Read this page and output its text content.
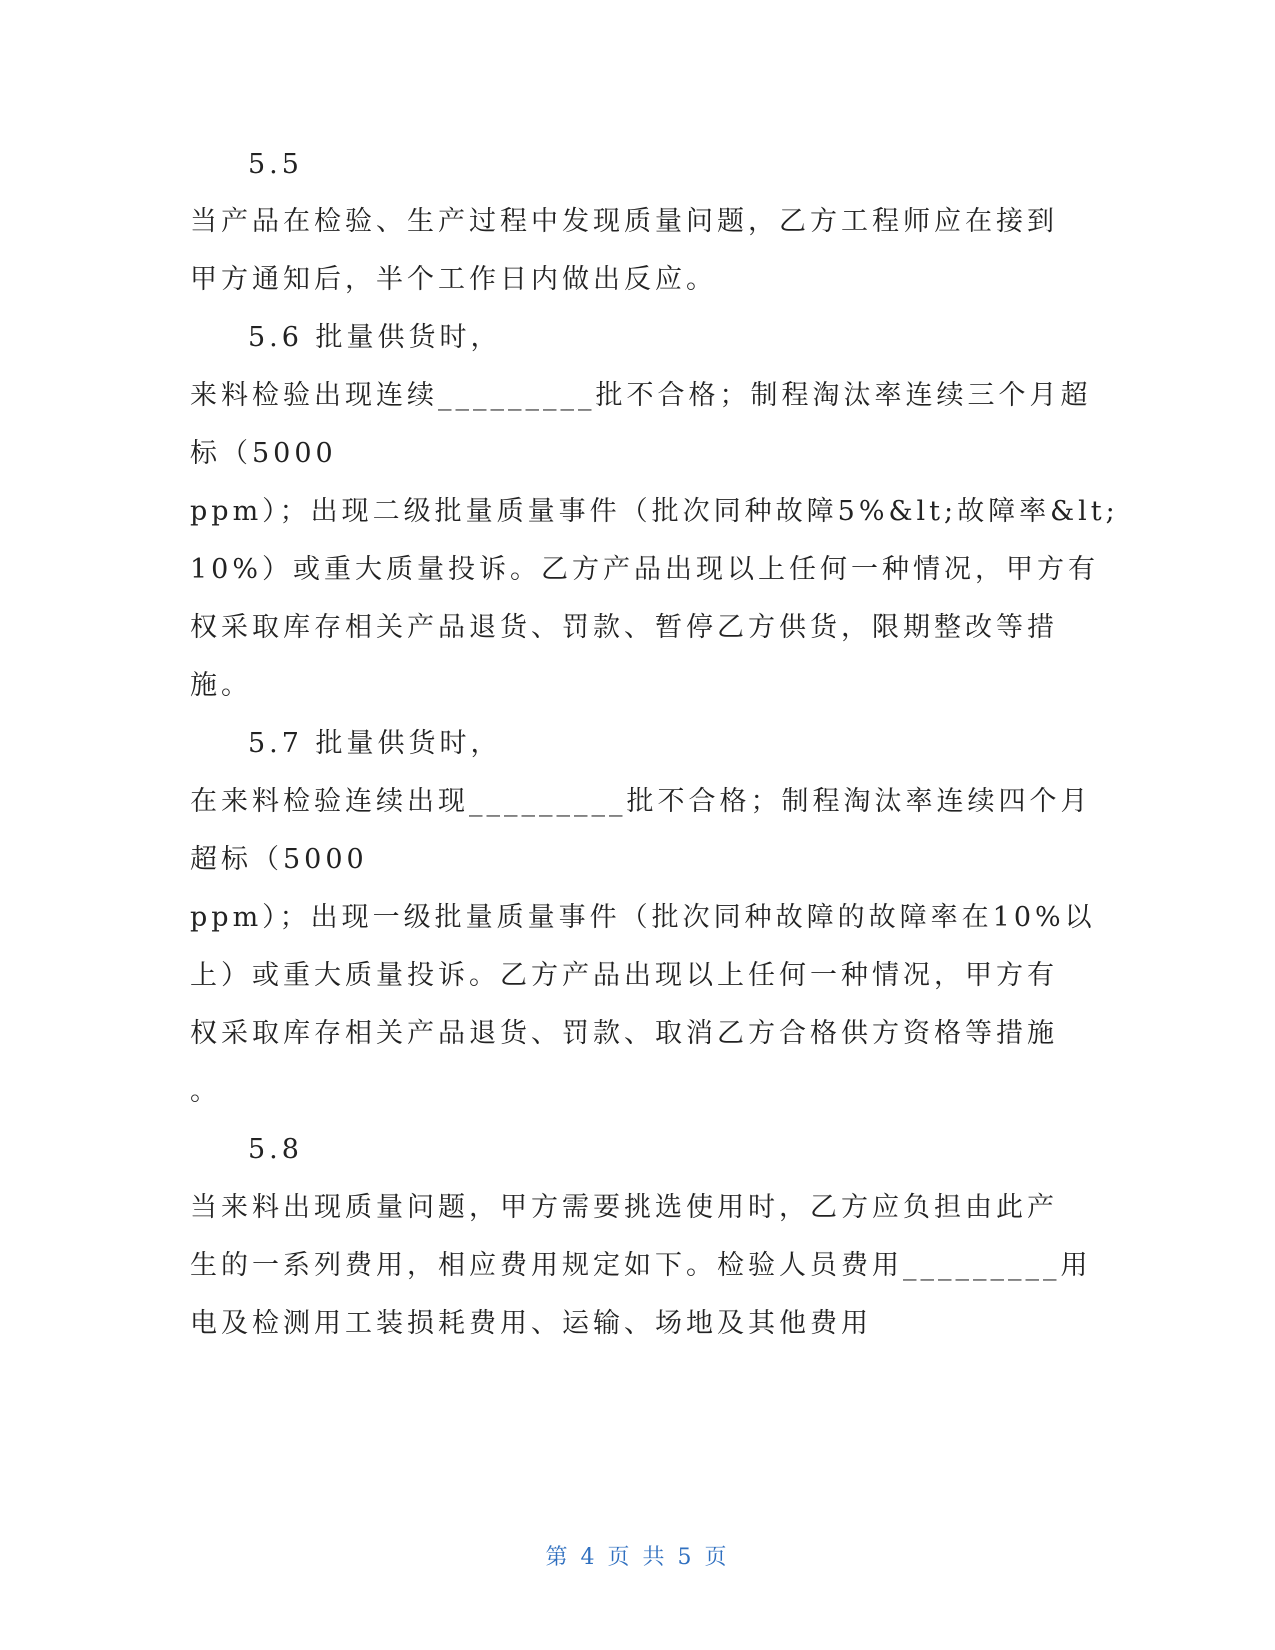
5.5
当产品在检验、生产过程中发现质量问题，乙方工程师应在接到
甲方通知后，半个工作日内做出反应。
5.6 批量供货时，
来料检验出现连续_________批不合格；制程淘汰率连续三个月超
标（5000
ppm）；出现二级批量质量事件（批次同种故障5%&lt;故障率&lt;
10%）或重大质量投诉。乙方产品出现以上任何一种情况，甲方有
权采取库存相关产品退货、罚款、暂停乙方供货，限期整改等措
施。
5.7 批量供货时，
在来料检验连续出现_________批不合格；制程淘汰率连续四个月
超标（5000
ppm）；出现一级批量质量事件（批次同种故障的故障率在10%以
上）或重大质量投诉。乙方产品出现以上任何一种情况，甲方有
权采取库存相关产品退货、罚款、取消乙方合格供方资格等措施
。
5.8
当来料出现质量问题，甲方需要挑选使用时，乙方应负担由此产
生的一系列费用，相应费用规定如下。检验人员费用_________用
电及检测用工装损耗费用、运输、场地及其他费用
第 4 页 共 5 页
